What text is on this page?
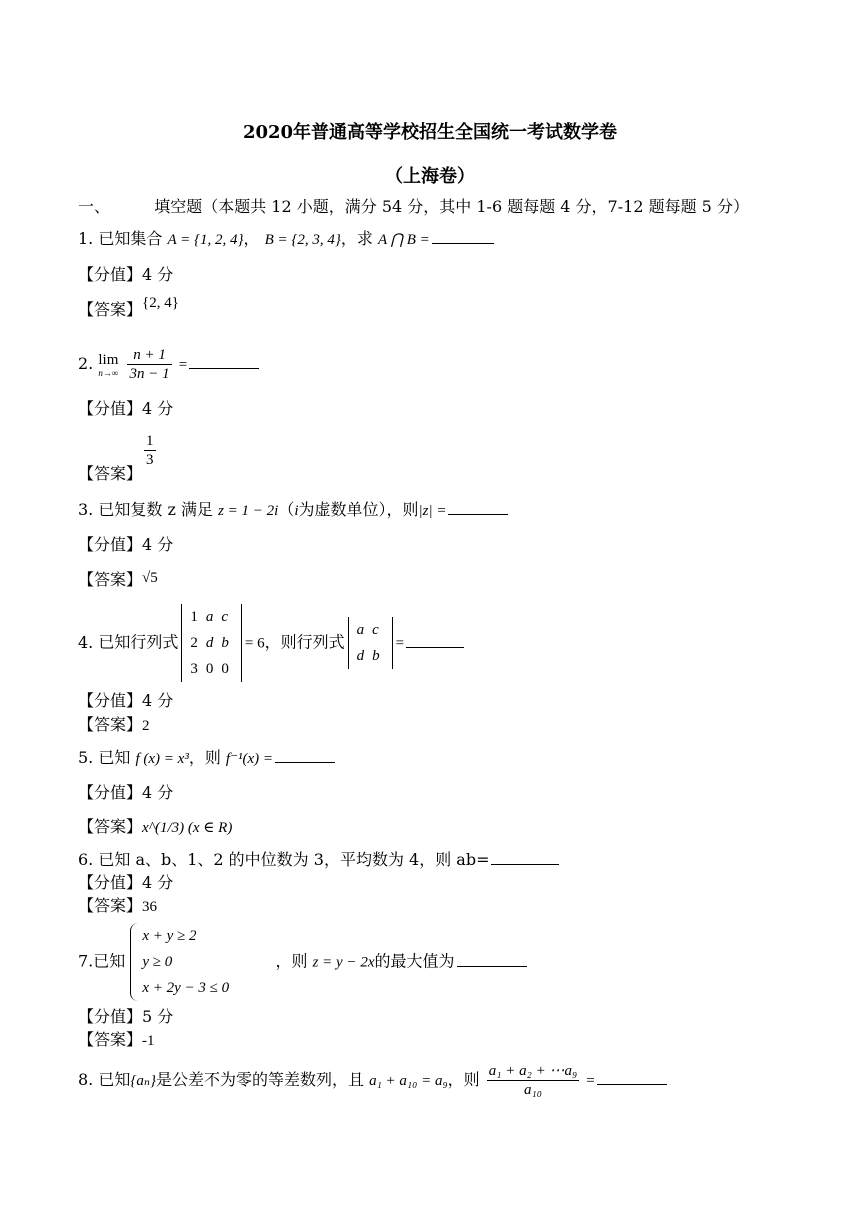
2020年普通高等学校招生全国统一考试数学卷
（上海卷）
一、	填空题（本题共 12 小题，满分 54 分，其中 1-6 题每题 4 分，7-12 题每题 5 分）
1. 已知集合 A = {1, 2, 4}， B = {2, 3, 4}，求 A ⋂ B =
【分值】4 分
【答案】{2, 4}
2. lim
n→∞
$\frac{n + 1}{3n - 1}$ =
【分值】4 分
【答案】
$\frac{1}{3}$
3. 已知复数 z 满足 z = 1 − 2i（i为虚数单位），则|z| =
【分值】4 分
【答案】√5
4. 已知行列式
1	a	c
2	d	b
3	0	0
= 6，则行列式
a	c
d	b
=
【分值】4 分
【答案】2
5. 已知 f (x) = x³，则 f⁻¹(x) =
【分值】4 分
【答案】x^(1/3) (x ∈ R)
6. 已知 a、b、1、2 的中位数为 3，平均数为 4，则 ab=
【分值】4 分
【答案】36
7.已知
x + y ≥ 2
y ≥ 0
x + 2y − 3 ≤ 0
，则 z = y − 2x的最大值为
【分值】5 分
【答案】-1
8. 已知{aₙ}是公差不为零的等差数列，且 a₁ + a₁₀ = a₉，则 $\frac{\text{a₁ + a₂ + ⋯a₉}}{\text{a₁₀}}$ =
